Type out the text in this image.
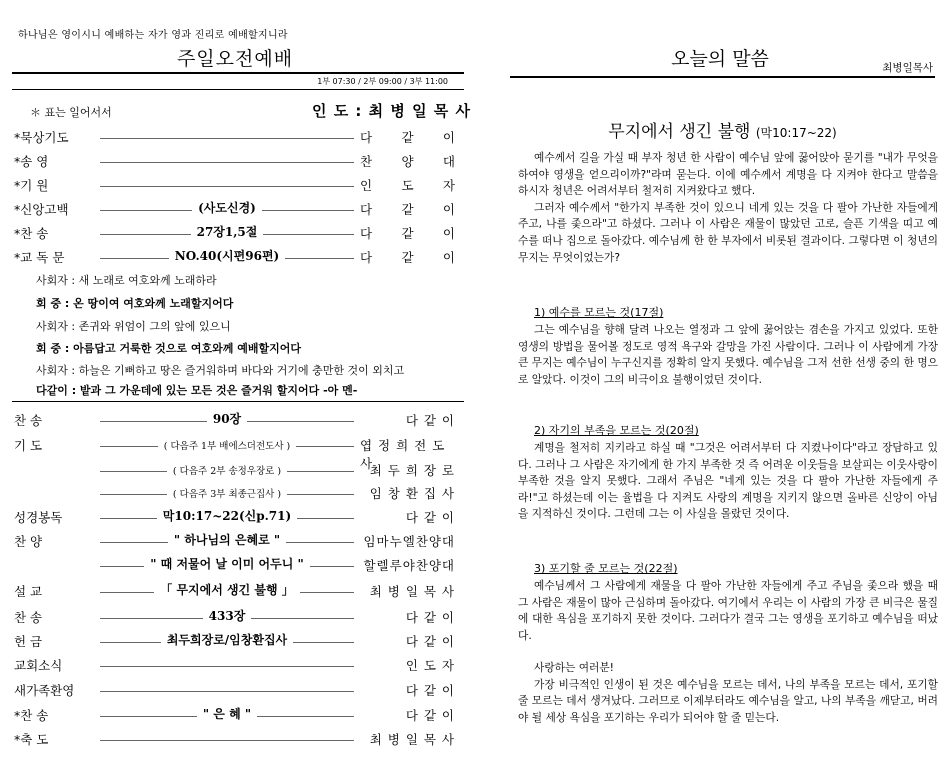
하나님은 영이시니 예배하는 자가 영과 진리로 예배할지니라
주일오전예배
1부 07:30 / 2부 09:00 / 3부 11:00
＊ 표는 일어서서	인 도 : 최 병 일 목 사
*묵상기도	다 같 이
*송 영	찬 양 대
*기 원	인 도 자
*신앙고백	(사도신경)	다 같 이
*찬 송	27장1,5절	다 같 이
*교 독 문	NO.40(시편96편)	다 같 이
사회자 : 새 노래로 여호와께 노래하라
회 중 : 온 땅이여 여호와께 노래할지어다
사회자 : 존귀와 위엄이 그의 앞에 있으니
회 중 : 아름답고 거룩한 것으로 여호와께 예배할지어다
사회자 : 하늘은 기뻐하고 땅은 즐거워하며 바다와 거기에 충만한 것이 외치고
다같이 : 밭과 그 가운데에 있는 모든 것은 즐거워 할지어다 -아 멘-
찬 송	90장	다 같 이
기 도	( 다음주 1부 배에스더전도사 )	엽 정 희 전 도 사
( 다음주 2부 송정우장로 )	최 두 희 장 로
( 다음주 3부 최종근집사 )	임 창 환 집 사
성경봉독	막10:17~22(신p.71)	다 같 이
찬 양	" 하나님의 은혜로 "	임마누엘찬양대
" 때 저물어 날 이미 어두니 "	할렐루야찬양대
설 교	「 무지에서 생긴 불행 」	최 병 일 목 사
찬 송	433장	다 같 이
헌 금	최두희장로/임창환집사	다 같 이
교회소식	인 도 자
새가족환영	다 같 이
*찬 송	" 은 혜 "	다 같 이
*축 도	최 병 일 목 사
오늘의 말씀	최병일목사
무지에서 생긴 불행 (막10:17~22)

예수께서 길을 가실 때 부자 청년 한 사람이 예수님 앞에 꿇어앉아 묻기를 "내가 무엇을 하여야 영생을 얻으리이까?"라며 묻는다. 이에 예수께서 계명을 다 지켜야 한다고 말씀을 하시자 청년은 어려서부터 철저히 지켜왔다고 했다.

그러자 예수께서 "한가지 부족한 것이 있으니 네게 있는 것을 다 팔아 가난한 자들에게 주고, 나를 좇으라"고 하셨다. 그러나 이 사람은 재물이 많았던 고로, 슬픈 기색을 띠고 예수를 떠나 집으로 돌아갔다. 예수님께 한 한 부자에서 비롯된 결과이다. 그렇다면 이 청년의 무지는 무엇이었는가?

1) 예수를 모르는 것(17절)
그는 예수님을 향해 달려 나오는 열정과 그 앞에 꿇어앉는 겸손을 가지고 있었다. 또한 영생의 방법을 물어볼 정도로 영적 욕구와 갈망을 가진 사람이다. 그러나 이 사람에게 가장 큰 무지는 예수님이 누구신지를 정확히 알지 못했다. 예수님을 그저 선한 선생 중의 한 명으로 알았다. 이것이 그의 비극이요 불행이었던 것이다.
2) 자기의 부족을 모르는 것(20절)
계명을 철저히 지키라고 하실 때 "그것은 어려서부터 다 지켰나이다"라고 장담하고 있다. 그러나 그 사람은 자기에게 한 가지 부족한 것 즉 어려운 이웃들을 보살피는 이웃사랑이 부족한 것을 알지 못했다. 그래서 주님은 "네게 있는 것을 다 팔아 가난한 자들에게 주라!"고 하셨는데 이는 율법을 다 지켜도 사랑의 계명을 지키지 않으면 올바른 신앙이 아님을 지적하신 것이다. 그런데 그는 이 사실을 몰랐던 것이다.
3) 포기할 줄 모르는 것(22절)
예수님께서 그 사람에게 재물을 다 팔아 가난한 자들에게 주고 주님을 좇으라 했을 때 그 사람은 재물이 많아 근심하며 돌아갔다. 여기에서 우리는 이 사람의 가장 큰 비극은 물질에 대한 욕심을 포기하지 못한 것이다. 그러다가 결국 그는 영생을 포기하고 예수님을 떠났다.

사랑하는 여러분!

가장 비극적인 인생이 된 것은 예수님을 모르는 데서, 나의 부족을 모르는 데서, 포기할 줄 모르는 데서 생겨났다. 그러므로 이제부터라도 예수님을 알고, 나의 부족을 깨닫고, 버려야 될 세상 욕심을 포기하는 우리가 되어야 할 줄 믿는다.
